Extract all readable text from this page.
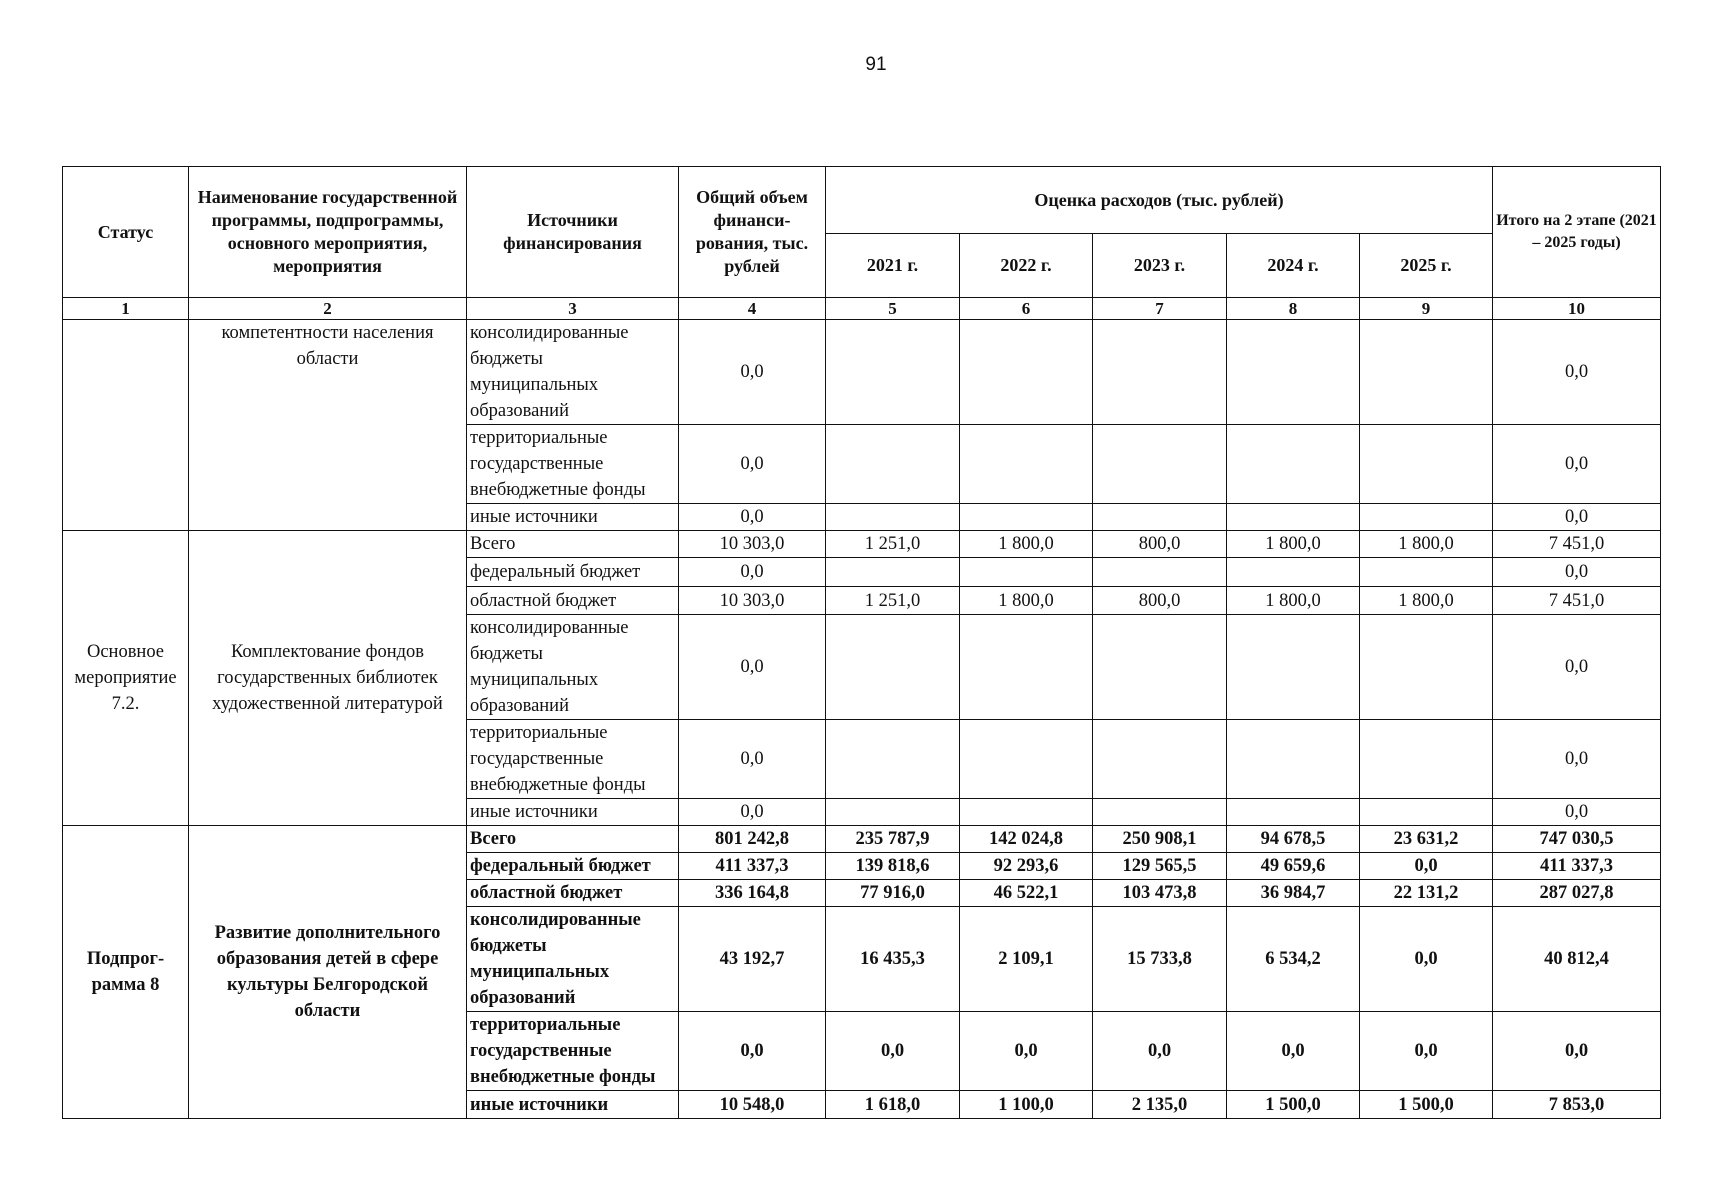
91
Статус	Наименование государственной программы, подпрограммы, основного мероприятия, мероприятия	Источники финансирования	Общий объем финанси-рования, тыс. рублей	Оценка расходов (тыс. рублей)					Итого на 2 этапе (2021 – 2025 годы)
				2021 г.	2022 г.	2023 г.	2024 г.	2025 г.	
1	2	3	4	5	6	7	8	9	10
	компетентности населения области	консолидированные бюджеты муниципальных образований	0,0						0,0
		территориальные государственные внебюджетные фонды	0,0						0,0
		иные источники	0,0						0,0
Основное мероприятие 7.2.	Комплектование фондов государственных библиотек художественной литературой	Всего	10 303,0	1 251,0	1 800,0	800,0	1 800,0	1 800,0	7 451,0
		федеральный бюджет	0,0						0,0
		областной бюджет	10 303,0	1 251,0	1 800,0	800,0	1 800,0	1 800,0	7 451,0
		консолидированные бюджеты муниципальных образований	0,0						0,0
		территориальные государственные внебюджетные фонды	0,0						0,0
		иные источники	0,0						0,0
Подпрог-рамма 8	Развитие дополнительного образования детей в сфере культуры Белгородской области	Всего	801 242,8	235 787,9	142 024,8	250 908,1	94 678,5	23 631,2	747 030,5
		федеральный бюджет	411 337,3	139 818,6	92 293,6	129 565,5	49 659,6	0,0	411 337,3
		областной бюджет	336 164,8	77 916,0	46 522,1	103 473,8	36 984,7	22 131,2	287 027,8
		консолидированные бюджеты муниципальных образований	43 192,7	16 435,3	2 109,1	15 733,8	6 534,2	0,0	40 812,4
		территориальные государственные внебюджетные фонды	0,0	0,0	0,0	0,0	0,0	0,0	0,0
		иные источники	10 548,0	1 618,0	1 100,0	2 135,0	1 500,0	1 500,0	7 853,0
